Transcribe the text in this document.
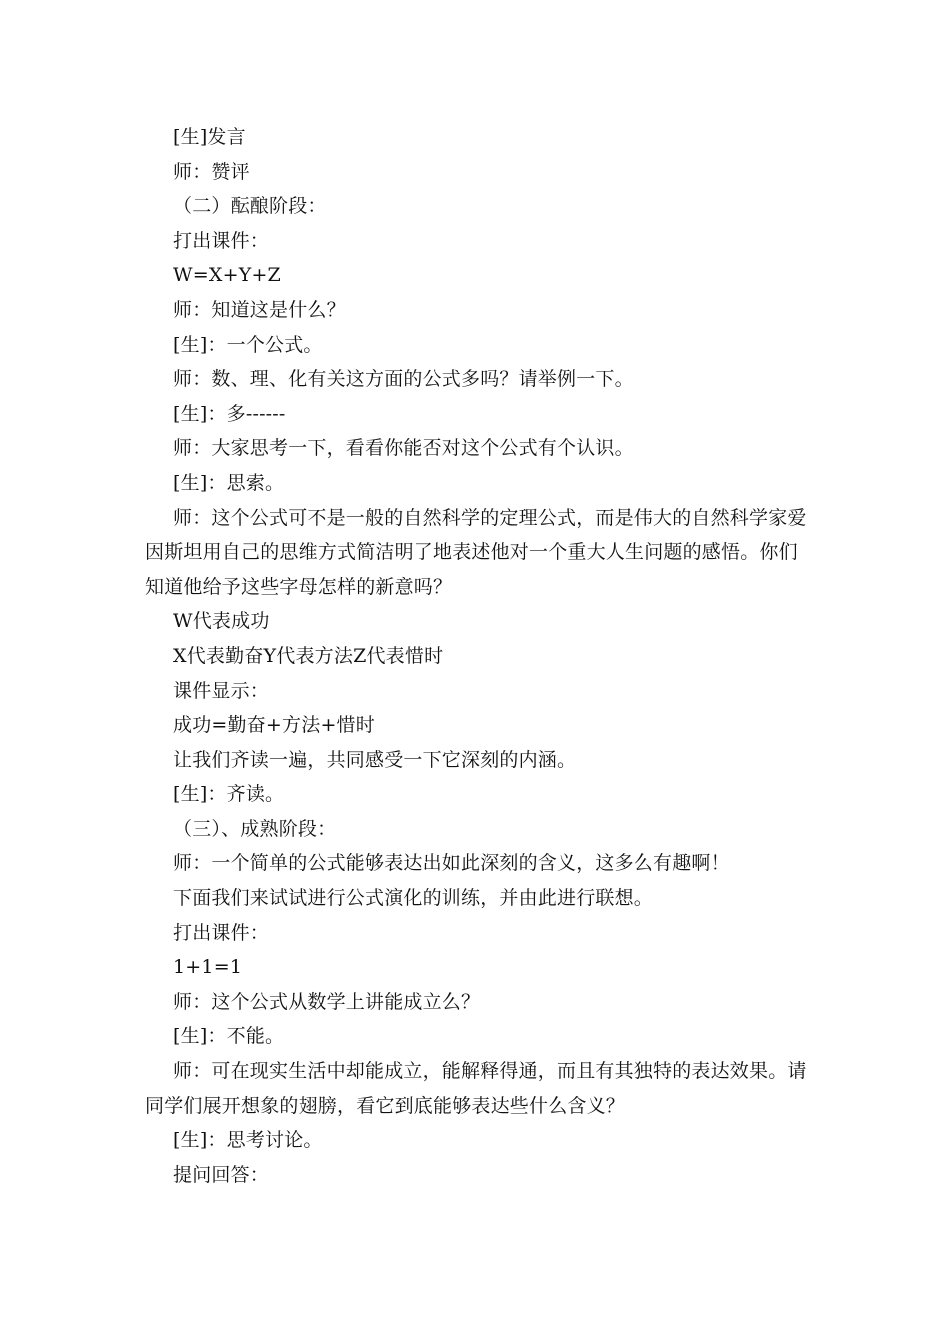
[生]发言
师：赞评
（二）酝酿阶段：
打出课件：
W=X+Y+Z
师：知道这是什么？
[生]：一个公式。
师：数、理、化有关这方面的公式多吗？请举例一下。
[生]：多------
师：大家思考一下，看看你能否对这个公式有个认识。
[生]：思索。
师：这个公式可不是一般的自然科学的定理公式，而是伟大的自然科学家爱因斯坦用自己的思维方式简洁明了地表述他对一个重大人生问题的感悟。你们知道他给予这些字母怎样的新意吗？
W代表成功
X代表勤奋Y代表方法Z代表惜时
课件显示：
成功=勤奋+方法+惜时
让我们齐读一遍，共同感受一下它深刻的内涵。
[生]：齐读。
（三）、成熟阶段：
师：一个简单的公式能够表达出如此深刻的含义，这多么有趣啊！
下面我们来试试进行公式演化的训练，并由此进行联想。
打出课件：
1+1=1
师：这个公式从数学上讲能成立么？
[生]：不能。
师：可在现实生活中却能成立，能解释得通，而且有其独特的表达效果。请同学们展开想象的翅膀，看它到底能够表达些什么含义？
[生]：思考讨论。
提问回答：
